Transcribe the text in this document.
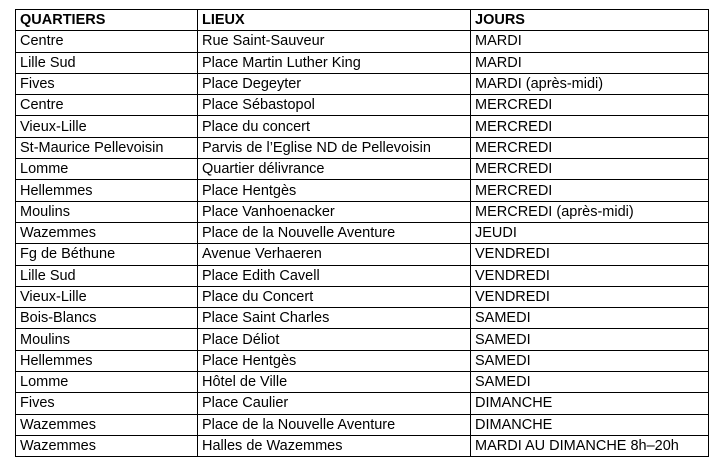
QUARTIERS	LIEUX	JOURS
Centre	Rue Saint-Sauveur	MARDI
Lille Sud	Place Martin Luther King	MARDI
Fives	Place Degeyter	MARDI (après-midi)
Centre	Place Sébastopol	MERCREDI
Vieux-Lille	Place du concert	MERCREDI
St-Maurice Pellevoisin	Parvis de l’Eglise ND de Pellevoisin	MERCREDI
Lomme	Quartier délivrance	MERCREDI
Hellemmes	Place Hentgès	MERCREDI
Moulins	Place Vanhoenacker	MERCREDI (après-midi)
Wazemmes	Place de la Nouvelle Aventure	JEUDI
Fg de Béthune	Avenue Verhaeren	VENDREDI
Lille Sud	Place Edith Cavell	VENDREDI
Vieux-Lille	Place du Concert	VENDREDI
Bois-Blancs	Place Saint Charles	SAMEDI
Moulins	Place Déliot	SAMEDI
Hellemmes	Place Hentgès	SAMEDI
Lomme	Hôtel de Ville	SAMEDI
Fives	Place Caulier	DIMANCHE
Wazemmes	Place de la Nouvelle Aventure	DIMANCHE
Wazemmes	Halles de Wazemmes	MARDI AU DIMANCHE 8h–20h
